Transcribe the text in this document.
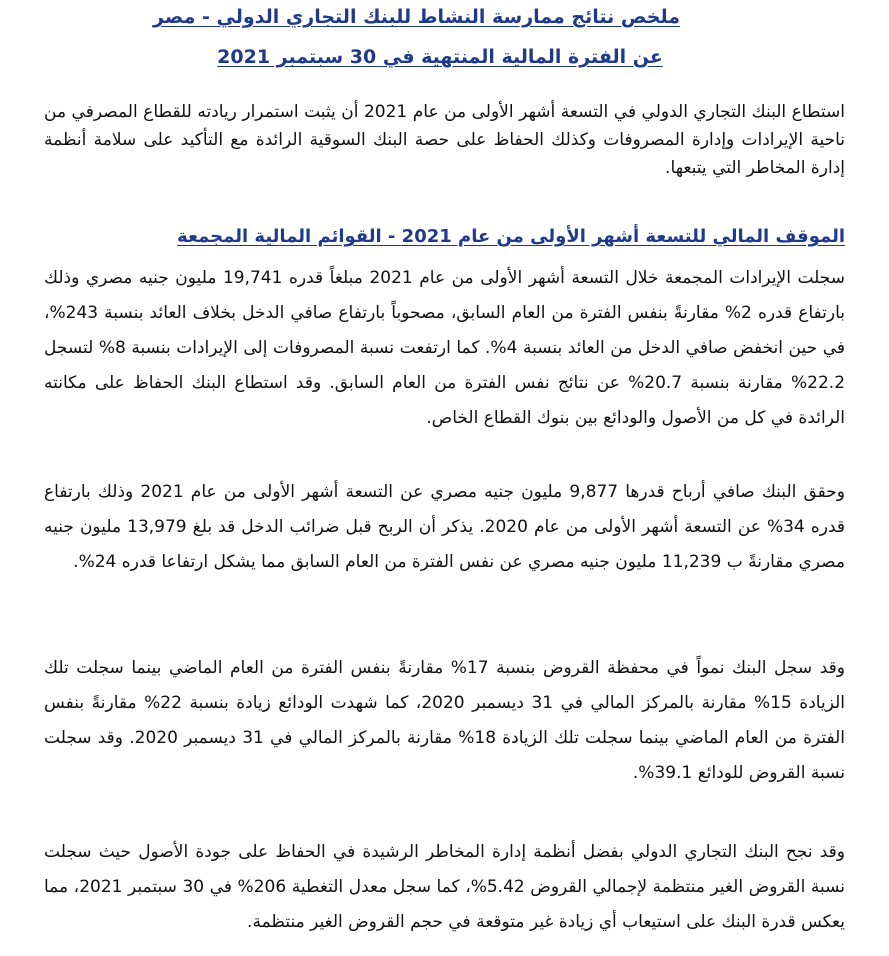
ملخص نتائج ممارسة النشاط للبنك التجاري الدولي - مصر
عن الفترة المالية المنتهية في 30 سبتمبر 2021

استطاع البنك التجاري الدولي في التسعة أشهر الأولى من عام 2021 أن يثبت استمرار ريادته للقطاع المصرفي من ناحية الإيرادات وإدارة المصروفات وكذلك الحفاظ على حصة البنك السوقية الرائدة مع التأكيد على سلامة أنظمة إدارة المخاطر التي يتبعها.

الموقف المالي للتسعة أشهر الأولى من عام 2021 - القوائم المالية المجمعة

سجلت الإيرادات المجمعة خلال التسعة أشهر الأولى من عام 2021 مبلغاً قدره 19,741 مليون جنيه مصري وذلك بارتفاع قدره 2% مقارنةً بنفس الفترة من العام السابق، مصحوباً بارتفاع صافي الدخل بخلاف العائد بنسبة 243%، في حين انخفض صافي الدخل من العائد بنسبة 4%. كما ارتفعت نسبة المصروفات إلى الإيرادات بنسبة 8% لتسجل 22.2% مقارنة بنسبة 20.7% عن نتائج نفس الفترة من العام السابق. وقد استطاع البنك الحفاظ على مكانته الرائدة في كل من الأصول والودائع بين بنوك القطاع الخاص.

وحقق البنك صافي أرباح قدرها 9,877 مليون جنيه مصري عن التسعة أشهر الأولى من عام 2021 وذلك بارتفاع قدره 34% عن التسعة أشهر الأولى من عام 2020. يذكر أن الربح قبل ضرائب الدخل قد بلغ 13,979 مليون جنيه مصري مقارنةً ب 11,239 مليون جنيه مصري عن نفس الفترة من العام السابق مما يشكل ارتفاعا قدره 24%.

وقد سجل البنك نمواً في محفظة القروض بنسبة 17% مقارنةً بنفس الفترة من العام الماضي بينما سجلت تلك الزيادة 15% مقارنة بالمركز المالي في 31 ديسمبر 2020، كما شهدت الودائع زيادة بنسبة 22% مقارنةً بنفس الفترة من العام الماضي بينما سجلت تلك الزيادة 18% مقارنة بالمركز المالي في 31 ديسمبر 2020. وقد سجلت نسبة القروض للودائع 39.1%.

وقد نجح البنك التجاري الدولي بفضل أنظمة إدارة المخاطر الرشيدة في الحفاظ على جودة الأصول حيث سجلت نسبة القروض الغير منتظمة لإجمالي القروض 5.42%، كما سجل معدل التغطية 206% في 30 سبتمبر 2021، مما يعكس قدرة البنك على استيعاب أي زيادة غير متوقعة في حجم القروض الغير منتظمة.
